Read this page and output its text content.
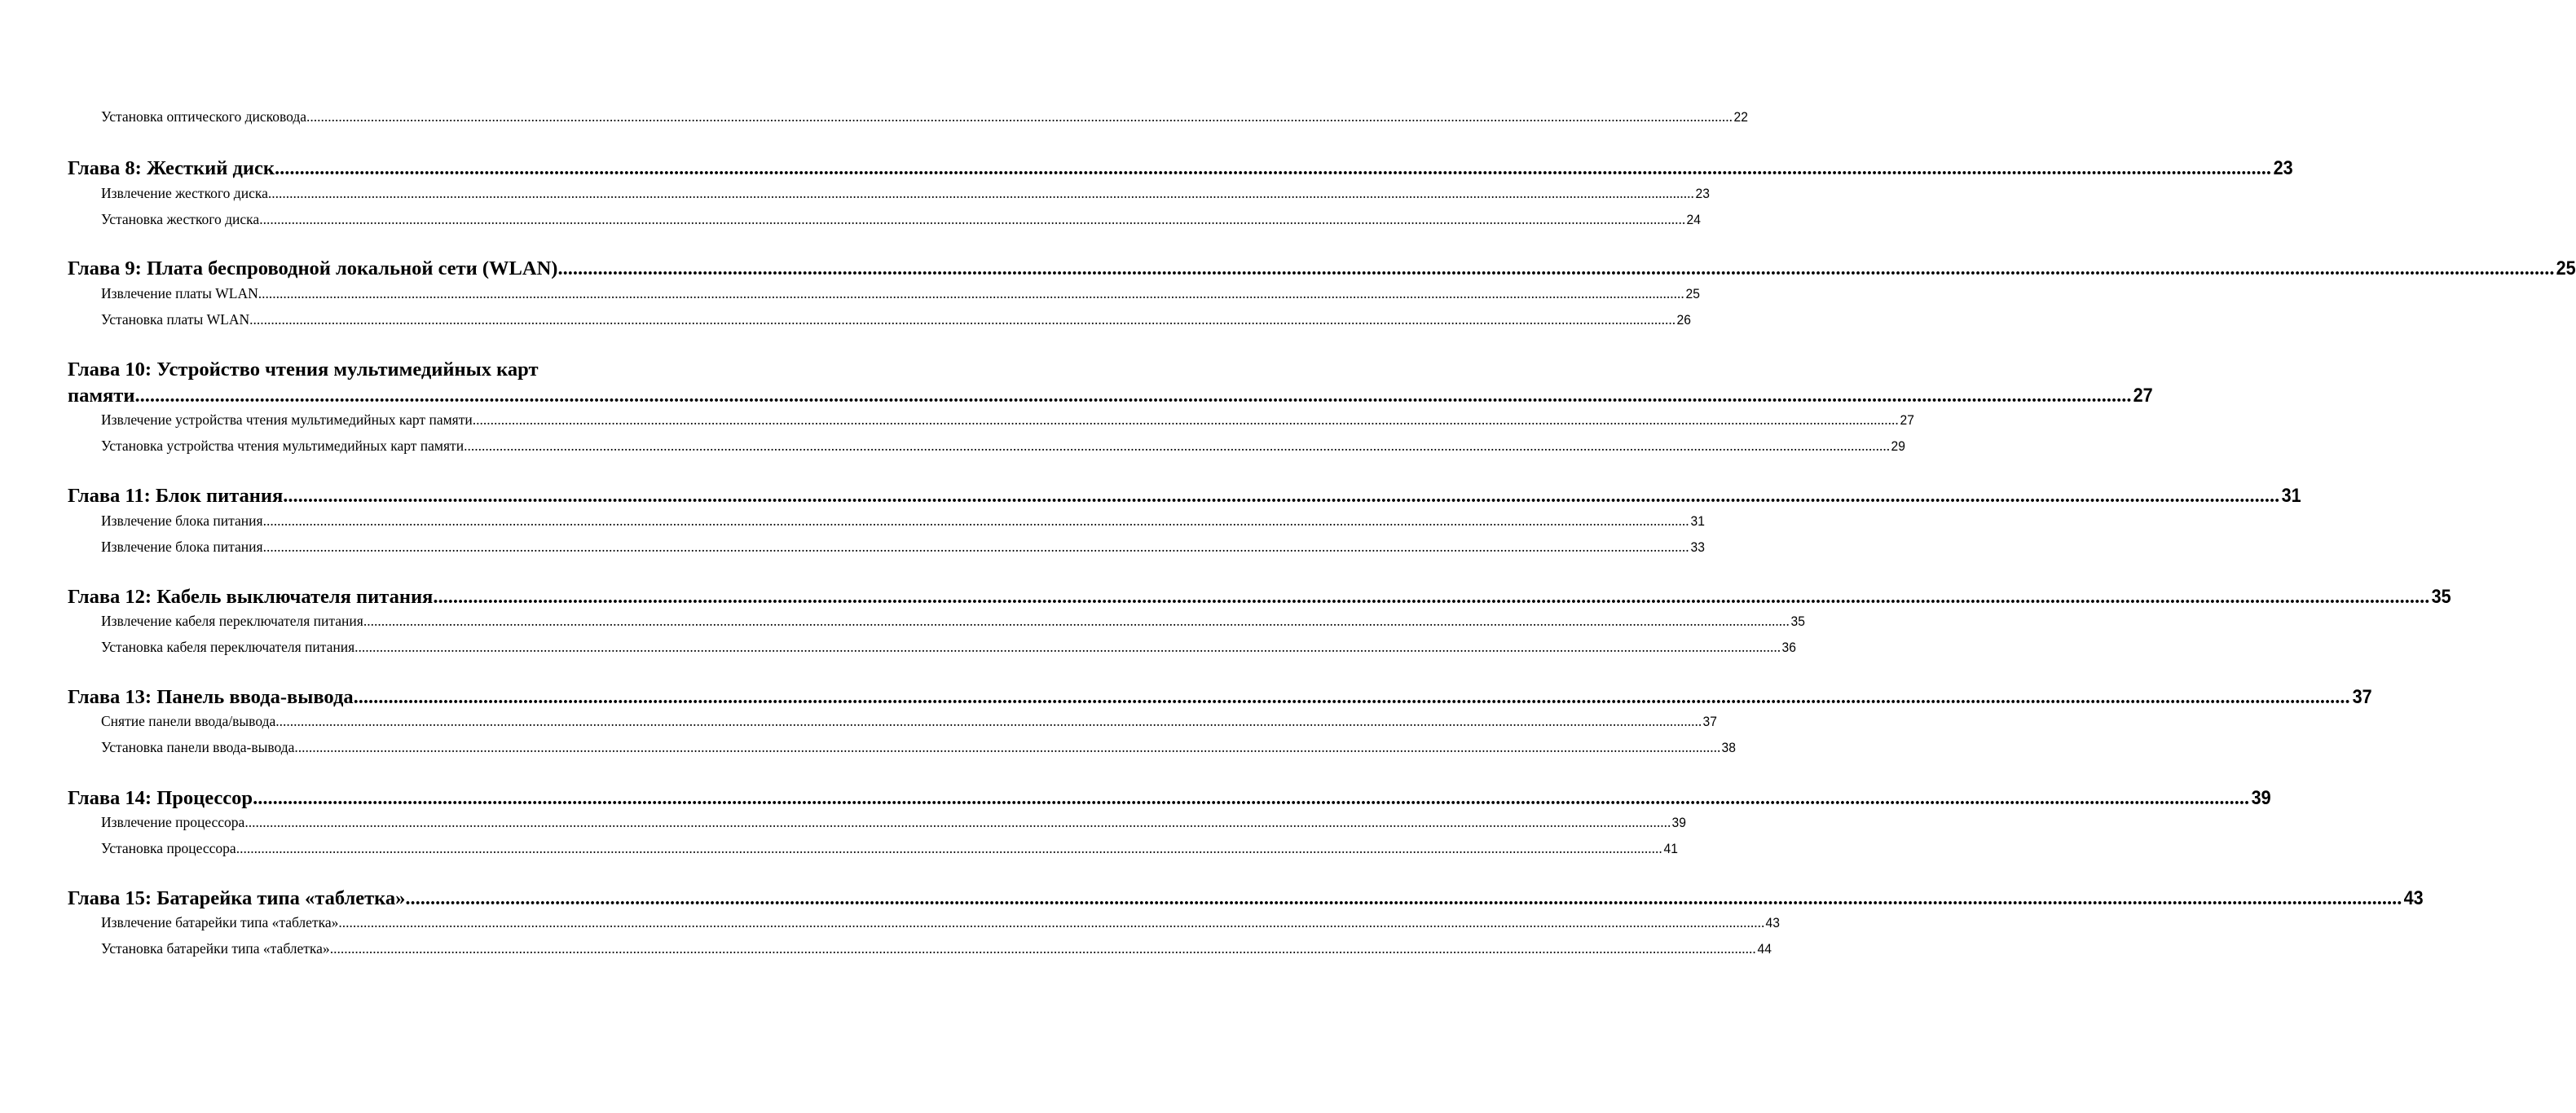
Установка оптического дисковода ................................................................................................................................................................................................................................................................................................................................................................................................................ 22
Глава 8: Жесткий диск ................................................................................................................................................................................................................................................................................................................................................................................................................ 23
Извлечение жесткого диска ................................................................................................................................................................................................................................................................................................................................................................................................................ 23
Установка жесткого диска ................................................................................................................................................................................................................................................................................................................................................................................................................ 24
Глава 9: Плата беспроводной локальной сети (WLAN) ................................................................................................................................................................................................................................................................................................................................................................................................................ 25
Извлечение платы WLAN ................................................................................................................................................................................................................................................................................................................................................................................................................ 25
Установка платы WLAN ................................................................................................................................................................................................................................................................................................................................................................................................................ 26
Глава 10: Устройство чтения мультимедийных карт
памяти ................................................................................................................................................................................................................................................................................................................................................................................................................ 27
Извлечение устройства чтения мультимедийных карт памяти ................................................................................................................................................................................................................................................................................................................................................................................................................ 27
Установка устройства чтения мультимедийных карт памяти ................................................................................................................................................................................................................................................................................................................................................................................................................ 29
Глава 11: Блок питания ................................................................................................................................................................................................................................................................................................................................................................................................................ 31
Извлечение блока питания ................................................................................................................................................................................................................................................................................................................................................................................................................ 31
Извлечение блока питания ................................................................................................................................................................................................................................................................................................................................................................................................................ 33
Глава 12: Кабель выключателя питания ................................................................................................................................................................................................................................................................................................................................................................................................................ 35
Извлечение кабеля переключателя питания ................................................................................................................................................................................................................................................................................................................................................................................................................ 35
Установка кабеля переключателя питания ................................................................................................................................................................................................................................................................................................................................................................................................................ 36
Глава 13: Панель ввода-вывода ................................................................................................................................................................................................................................................................................................................................................................................................................ 37
Снятие панели ввода/вывода ................................................................................................................................................................................................................................................................................................................................................................................................................ 37
Установка панели ввода-вывода ................................................................................................................................................................................................................................................................................................................................................................................................................ 38
Глава 14: Процессор ................................................................................................................................................................................................................................................................................................................................................................................................................ 39
Извлечение процессора ................................................................................................................................................................................................................................................................................................................................................................................................................ 39
Установка процессора ................................................................................................................................................................................................................................................................................................................................................................................................................ 41
Глава 15: Батарейка типа «таблетка» ................................................................................................................................................................................................................................................................................................................................................................................................................ 43
Извлечение батарейки типа «таблетка» ................................................................................................................................................................................................................................................................................................................................................................................................................ 43
Установка батарейки типа «таблетка» ................................................................................................................................................................................................................................................................................................................................................................................................................ 44
